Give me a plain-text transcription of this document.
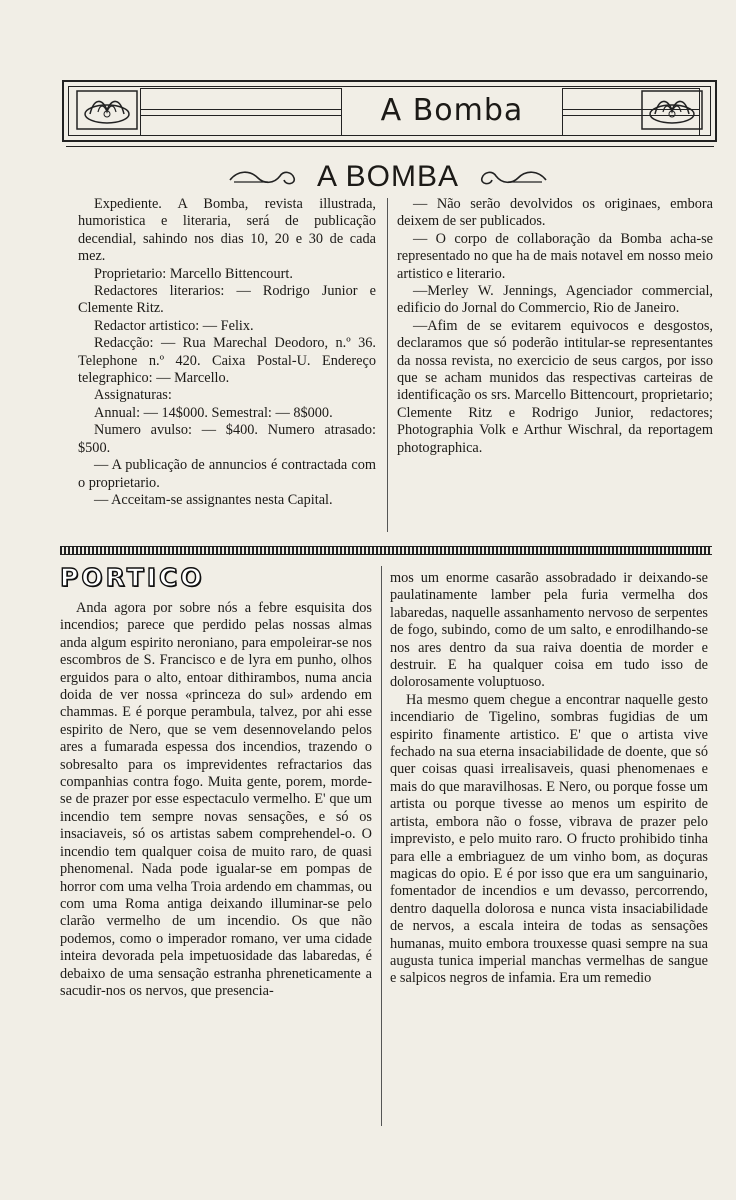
A Bomba
A BOMBA

Expediente. A Bomba, revista illustrada, humoristica e literaria, será de publicação decendial, sahindo nos dias 10, 20 e 30 de cada mez.

Proprietario: Marcello Bittencourt.

Redactores literarios: — Rodrigo Junior e Clemente Ritz.

Redactor artistico: — Felix.

Redacção: — Rua Marechal Deodoro, n.º 36. Telephone n.º 420. Caixa Postal-U. Endereço telegraphico: — Marcello.

Assignaturas:

Annual: — 14$000. Semestral: — 8$000.

Numero avulso: — $400. Numero atrasado: $500.

— A publicação de annuncios é contractada com o proprietario.

— Acceitam-se assignantes nesta Capital.

— Não serão devolvidos os originaes, embora deixem de ser publicados.

— O corpo de collaboração da Bomba acha-se representado no que ha de mais notavel em nosso meio artistico e literario.

—Merley W. Jennings, Agenciador commercial, edificio do Jornal do Commercio, Rio de Janeiro.

—Afim de se evitarem equivocos e desgostos, declaramos que só poderão intitular-se representantes da nossa revista, no exercicio de seus cargos, por isso que se acham munidos das respectivas carteiras de identificação os srs. Marcello Bittencourt, proprietario; Clemente Ritz e Rodrigo Junior, redactores; Photographia Volk e Arthur Wischral, da reportagem photographica.

PORTICO

Anda agora por sobre nós a febre esquisita dos incendios; parece que perdido pelas nossas almas anda algum espirito neroniano, para empoleirar-se nos escombros de S. Francisco e de lyra em punho, olhos erguidos para o alto, entoar dithirambos, numa ancia doida de ver nossa «princeza do sul» ardendo em chammas. E é porque perambula, talvez, por ahi esse espirito de Nero, que se vem desennovelando pelos ares a fumarada espessa dos incendios, trazendo o sobresalto para os imprevidentes refractarios das companhias contra fogo. Muita gente, porem, morde-se de prazer por esse espectaculo vermelho. E' que um incendio tem sempre novas sensações, e só os insaciaveis, só os artistas sabem comprehendel-o. O incendio tem qualquer coisa de muito raro, de quasi phenomenal. Nada pode igualar-se em pompas de horror com uma velha Troia ardendo em chammas, ou com uma Roma antiga deixando illuminar-se pelo clarão vermelho de um incendio. Os que não podemos, como o imperador romano, ver uma cidade inteira devorada pela impetuosidade das labaredas, é debaixo de uma sensação estranha phreneticamente a sacudir-nos os nervos, que presencia-

mos um enorme casarão assobradado ir deixando-se paulatinamente lamber pela furia vermelha dos labaredas, naquelle assanhamento nervoso de serpentes de fogo, subindo, como de um salto, e enrodilhando-se nos ares dentro da sua raiva doentia de morder e destruir. E ha qualquer coisa em tudo isso de dolorosamente voluptuoso.

Ha mesmo quem chegue a encontrar naquelle gesto incendiario de Tigelino, sombras fugidias de um espirito finamente artistico. E' que o artista vive fechado na sua eterna insaciabilidade de doente, que só quer coisas quasi irrealisaveis, quasi phenomenaes e mais do que maravilhosas. E Nero, ou porque fosse um artista ou porque tivesse ao menos um espirito de artista, embora não o fosse, vibrava de prazer pelo imprevisto, e pelo muito raro. O fructo prohibido tinha para elle a embriaguez de um vinho bom, as doçuras magicas do opio. E é por isso que era um sanguinario, fomentador de incendios e um devasso, percorrendo, dentro daquella dolorosa e nunca vista insaciabilidade de nervos, a escala inteira de todas as sensações humanas, muito embora trouxesse quasi sempre na sua augusta tunica imperial manchas vermelhas de sangue e salpicos negros de infamia. Era um remedio
